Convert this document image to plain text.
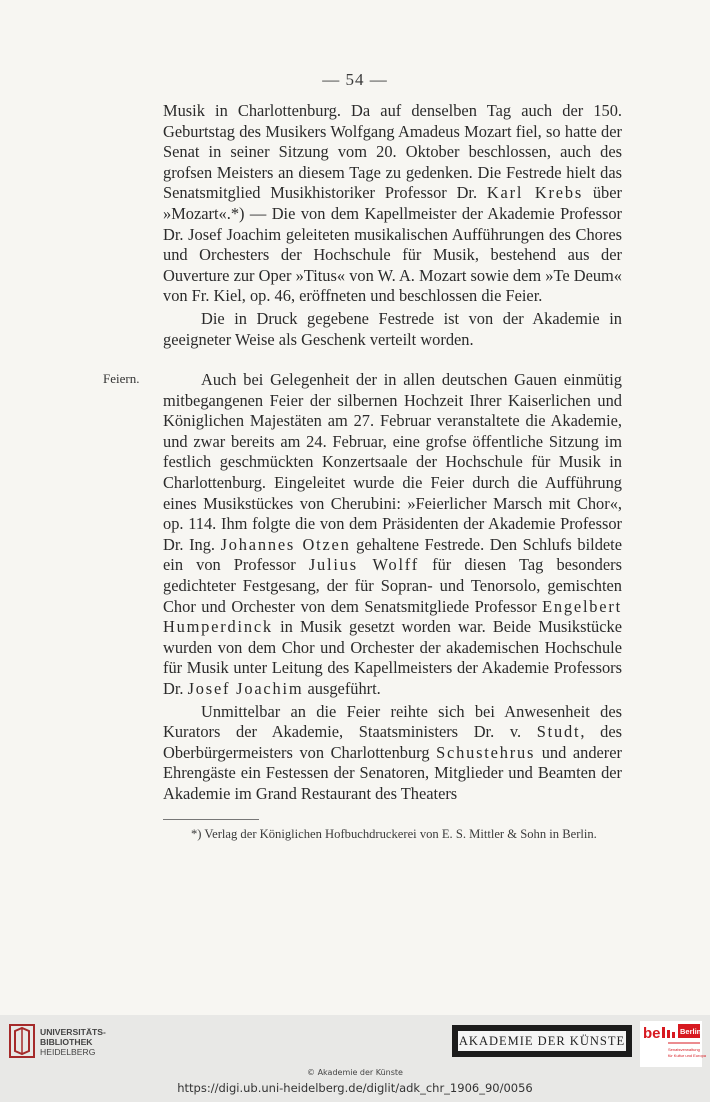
— 54 —
Feiern.

Musik in Charlottenburg. Da auf denselben Tag auch der 150. Geburtstag des Musikers Wolfgang Amadeus Mozart fiel, so hatte der Senat in seiner Sitzung vom 20. Oktober beschlossen, auch des grofsen Meisters an diesem Tage zu gedenken. Die Festrede hielt das Senatsmitglied Musikhistoriker Professor Dr. Karl Krebs über »Mozart«.*) — Die von dem Kapellmeister der Akademie Professor Dr. Josef Joachim geleiteten musikalischen Aufführungen des Chores und Orchesters der Hochschule für Musik, bestehend aus der Ouverture zur Oper »Titus« von W. A. Mozart sowie dem »Te Deum« von Fr. Kiel, op. 46, eröffneten und beschlossen die Feier.

Die in Druck gegebene Festrede ist von der Akademie in geeigneter Weise als Geschenk verteilt worden.

Auch bei Gelegenheit der in allen deutschen Gauen einmütig mitbegangenen Feier der silbernen Hochzeit Ihrer Kaiserlichen und Königlichen Majestäten am 27. Februar veranstaltete die Akademie, und zwar bereits am 24. Februar, eine grofse öffentliche Sitzung im festlich geschmückten Konzertsaale der Hochschule für Musik in Charlottenburg. Eingeleitet wurde die Feier durch die Aufführung eines Musikstückes von Cherubini: »Feierlicher Marsch mit Chor«, op. 114. Ihm folgte die von dem Präsidenten der Akademie Professor Dr. Ing. Johannes Otzen gehaltene Festrede. Den Schlufs bildete ein von Professor Julius Wolff für diesen Tag besonders gedichteter Festgesang, der für Sopran- und Tenorsolo, gemischten Chor und Orchester von dem Senatsmitgliede Professor Engelbert Humperdinck in Musik gesetzt worden war. Beide Musikstücke wurden von dem Chor und Orchester der akademischen Hochschule für Musik unter Leitung des Kapellmeisters der Akademie Professors Dr. Josef Joachim ausgeführt.

Unmittelbar an die Feier reihte sich bei Anwesenheit des Kurators der Akademie, Staatsministers Dr. v. Studt, des Oberbürgermeisters von Charlottenburg Schustehrus und anderer Ehrengäste ein Festessen der Senatoren, Mitglieder und Beamten der Akademie im Grand Restaurant des Theaters

*) Verlag der Königlichen Hofbuchdruckerei von E. S. Mittler & Sohn in Berlin.
UNIVERSITÄTS-
BIBLIOTHEK
HEIDELBERG
AKADEMIE DER KÜNSTE be	Berlin
Senatsverwaltung
für Kultur und Europa
© Akademie der Künste
https://digi.ub.uni-heidelberg.de/diglit/adk_chr_1906_90/0056
